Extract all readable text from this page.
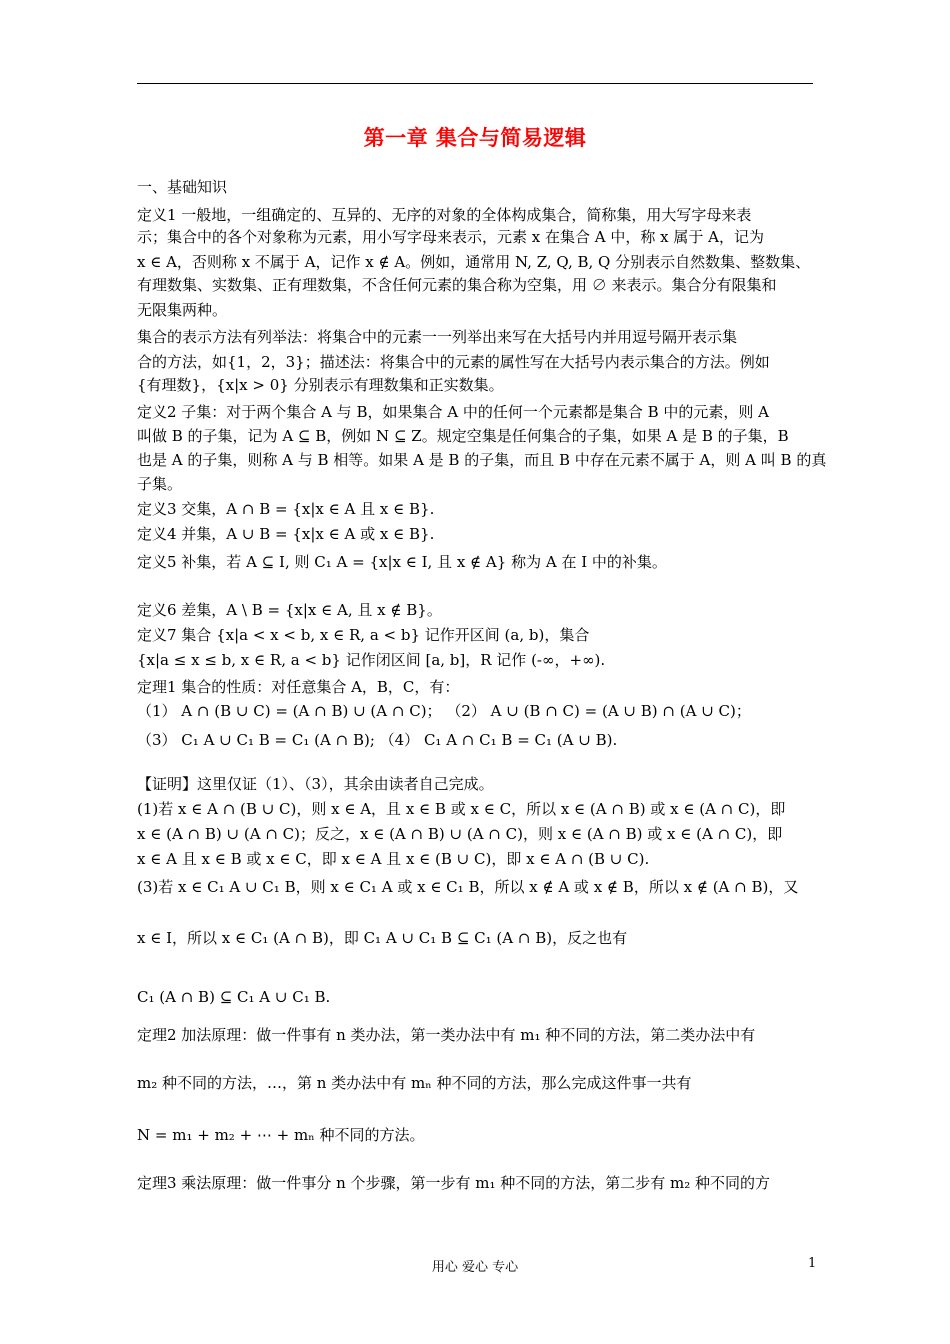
第一章 集合与简易逻辑
一、基础知识
定义1 一般地，一组确定的、互异的、无序的对象的全体构成集合，简称集，用大写字母来表
示；集合中的各个对象称为元素，用小写字母来表示，元素 x 在集合 A 中，称 x 属于 A，记为
x ∈ A，否则称 x 不属于 A，记作 x ∉ A。例如，通常用 N, Z, Q, B, Q 分别表示自然数集、整数集、
有理数集、实数集、正有理数集，不含任何元素的集合称为空集，用 ∅ 来表示。集合分有限集和
无限集两种。
集合的表示方法有列举法：将集合中的元素一一列举出来写在大括号内并用逗号隔开表示集
合的方法，如{1，2，3}；描述法：将集合中的元素的属性写在大括号内表示集合的方法。例如
{有理数}，{x|x > 0} 分别表示有理数集和正实数集。
定义2 子集：对于两个集合 A 与 B，如果集合 A 中的任何一个元素都是集合 B 中的元素，则 A
叫做 B 的子集，记为 A ⊆ B，例如 N ⊆ Z。规定空集是任何集合的子集，如果 A 是 B 的子集，B
也是 A 的子集，则称 A 与 B 相等。如果 A 是 B 的子集，而且 B 中存在元素不属于 A，则 A 叫 B 的真
子集。
定义3 交集，A ∩ B = {x|x ∈ A 且 x ∈ B}.
定义4 并集，A ∪ B = {x|x ∈ A 或 x ∈ B}.
定义5 补集，若 A ⊆ I, 则 C₁ A = {x|x ∈ I, 且 x ∉ A} 称为 A 在 I 中的补集。
定义6 差集，A \ B = {x|x ∈ A, 且 x ∉ B}。
定义7 集合 {x|a < x < b, x ∈ R, a < b} 记作开区间 (a, b)，集合
{x|a ≤ x ≤ b, x ∈ R, a < b} 记作闭区间 [a, b]，R 记作 (-∞，+∞).
定理1 集合的性质：对任意集合 A，B，C，有：
（1） A ∩ (B ∪ C) = (A ∩ B) ∪ (A ∩ C)； （2） A ∪ (B ∩ C) = (A ∪ B) ∩ (A ∪ C)；
（3） C₁ A ∪ C₁ B = C₁ (A ∩ B); （4） C₁ A ∩ C₁ B = C₁ (A ∪ B).
【证明】这里仅证（1）、（3），其余由读者自己完成。
(1)若 x ∈ A ∩ (B ∪ C)，则 x ∈ A，且 x ∈ B 或 x ∈ C，所以 x ∈ (A ∩ B) 或 x ∈ (A ∩ C)，即
x ∈ (A ∩ B) ∪ (A ∩ C)；反之，x ∈ (A ∩ B) ∪ (A ∩ C)，则 x ∈ (A ∩ B) 或 x ∈ (A ∩ C)，即
x ∈ A 且 x ∈ B 或 x ∈ C，即 x ∈ A 且 x ∈ (B ∪ C)，即 x ∈ A ∩ (B ∪ C).
(3)若 x ∈ C₁ A ∪ C₁ B，则 x ∈ C₁ A 或 x ∈ C₁ B，所以 x ∉ A 或 x ∉ B，所以 x ∉ (A ∩ B)，又
x ∈ I，所以 x ∈ C₁ (A ∩ B)，即 C₁ A ∪ C₁ B ⊆ C₁ (A ∩ B)，反之也有
C₁ (A ∩ B) ⊆ C₁ A ∪ C₁ B.
定理2 加法原理：做一件事有 n 类办法，第一类办法中有 m₁ 种不同的方法，第二类办法中有
m₂ 种不同的方法，…，第 n 类办法中有 mₙ 种不同的方法，那么完成这件事一共有
N = m₁ + m₂ + ⋯ + mₙ 种不同的方法。
定理3 乘法原理：做一件事分 n 个步骤，第一步有 m₁ 种不同的方法，第二步有 m₂ 种不同的方
用心 爱心 专心	1
